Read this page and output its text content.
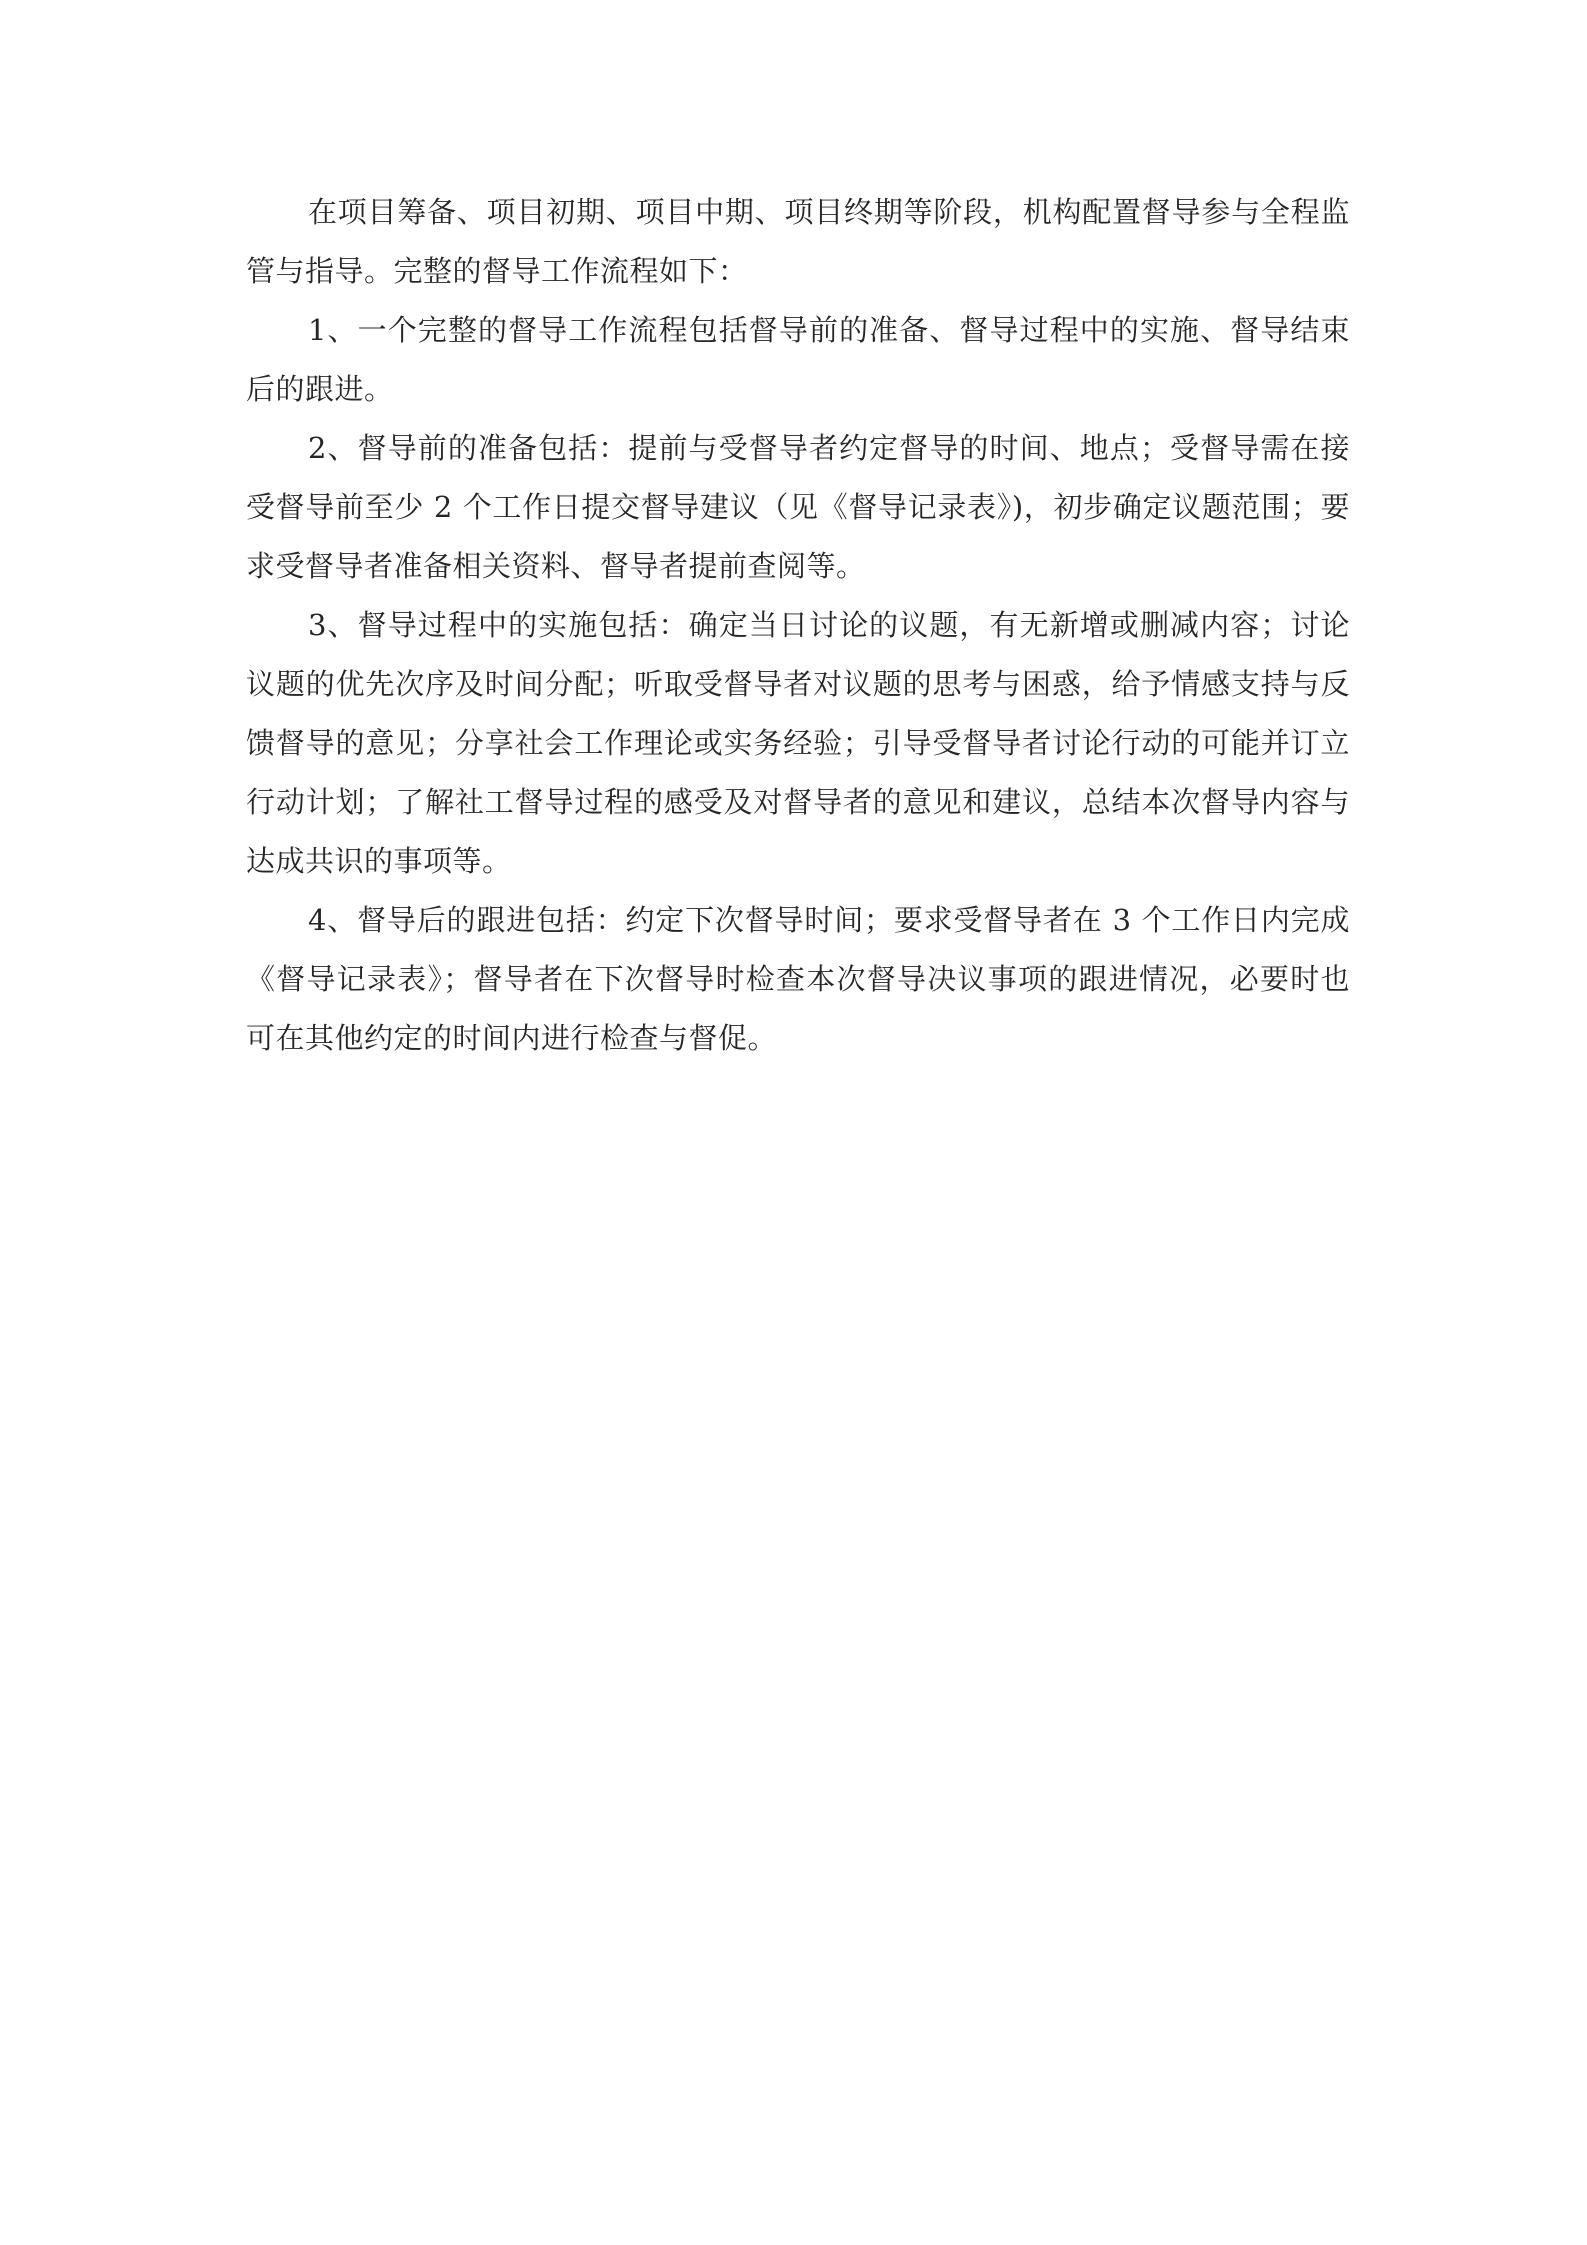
在项目筹备、项目初期、项目中期、项目终期等阶段，机构配置督导参与全程监管与指导。完整的督导工作流程如下：

1、一个完整的督导工作流程包括督导前的准备、督导过程中的实施、督导结束后的跟进。

2、督导前的准备包括：提前与受督导者约定督导的时间、地点；受督导需在接受督导前至少 2 个工作日提交督导建议（见《督导记录表》)，初步确定议题范围；要求受督导者准备相关资料、督导者提前查阅等。

3、督导过程中的实施包括：确定当日讨论的议题，有无新增或删减内容；讨论议题的优先次序及时间分配；听取受督导者对议题的思考与困惑，给予情感支持与反馈督导的意见；分享社会工作理论或实务经验；引导受督导者讨论行动的可能并订立行动计划；了解社工督导过程的感受及对督导者的意见和建议，总结本次督导内容与达成共识的事项等。

4、督导后的跟进包括：约定下次督导时间；要求受督导者在 3 个工作日内完成《督导记录表》；督导者在下次督导时检查本次督导决议事项的跟进情况，必要时也可在其他约定的时间内进行检查与督促。
